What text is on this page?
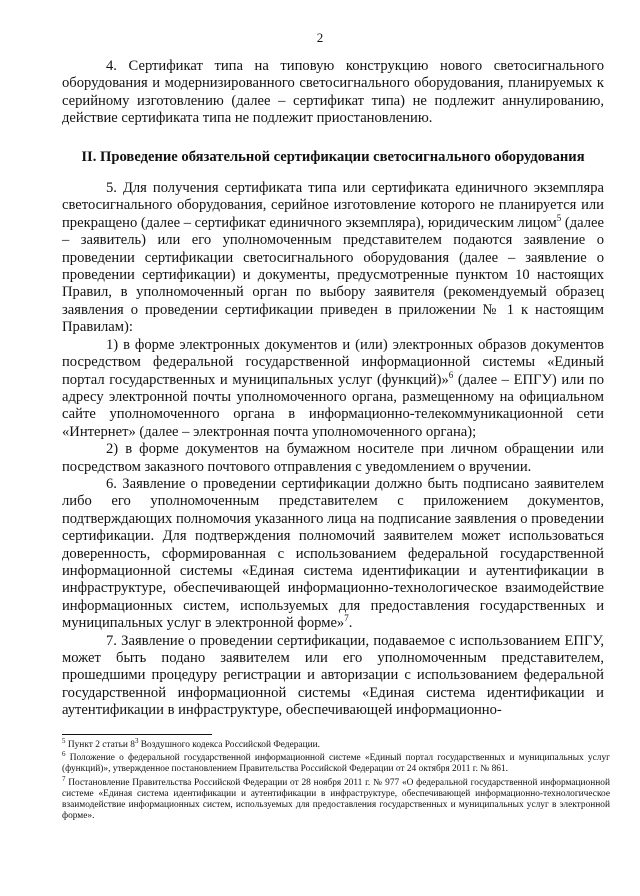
2

4. Сертификат типа на типовую конструкцию нового светосигнального оборудования и модернизированного светосигнального оборудования, планируемых к серийному изготовлению (далее – сертификат типа) не подлежит аннулированию, действие сертификата типа не подлежит приостановлению.

II. Проведение обязательной сертификации светосигнального оборудования

5. Для получения сертификата типа или сертификата единичного экземпляра светосигнального оборудования, серийное изготовление которого не планируется или прекращено (далее – сертификат единичного экземпляра), юридическим лицом$^5$ (далее – заявитель) или его уполномоченным представителем подаются заявление о проведении сертификации светосигнального оборудования (далее – заявление о проведении сертификации) и документы, предусмотренные пунктом 10 настоящих Правил, в уполномоченный орган по выбору заявителя (рекомендуемый образец заявления о проведении сертификации приведен в приложении № 1 к настоящим Правилам):

1) в форме электронных документов и (или) электронных образов документов посредством федеральной государственной информационной системы «Единый портал государственных и муниципальных услуг (функций)»$^6$ (далее – ЕПГУ) или по адресу электронной почты уполномоченного органа, размещенному на официальном сайте уполномоченного органа в информационно-телекоммуникационной сети «Интернет» (далее – электронная почта уполномоченного органа);

2) в форме документов на бумажном носителе при личном обращении или посредством заказного почтового отправления с уведомлением о вручении.

6. Заявление о проведении сертификации должно быть подписано заявителем либо его уполномоченным представителем с приложением документов, подтверждающих полномочия указанного лица на подписание заявления о проведении сертификации. Для подтверждения полномочий заявителем может использоваться доверенность, сформированная с использованием федеральной государственной информационной системы «Единая система идентификации и аутентификации в инфраструктуре, обеспечивающей информационно-технологическое взаимодействие информационных систем, используемых для предоставления государственных и муниципальных услуг в электронной форме»$^7$.

7. Заявление о проведении сертификации, подаваемое с использованием ЕПГУ, может быть подано заявителем или его уполномоченным представителем, прошедшими процедуру регистрации и авторизации с использованием федеральной государственной информационной системы «Единая система идентификации и аутентификации в инфраструктуре, обеспечивающей информационно-

$^5$ Пункт 2 статьи $8^3$ Воздушного кодекса Российской Федерации.

$^6$ Положение о федеральной государственной информационной системе «Единый портал государственных и муниципальных услуг (функций)», утвержденное постановлением Правительства Российской Федерации от 24 октября 2011 г. № 861.

$^7$ Постановление Правительства Российской Федерации от 28 ноября 2011 г. № 977 «О федеральной государственной информационной системе «Единая система идентификации и аутентификации в инфраструктуре, обеспечивающей информационно-технологическое взаимодействие информационных систем, используемых для предоставления государственных и муниципальных услуг в электронной форме».
